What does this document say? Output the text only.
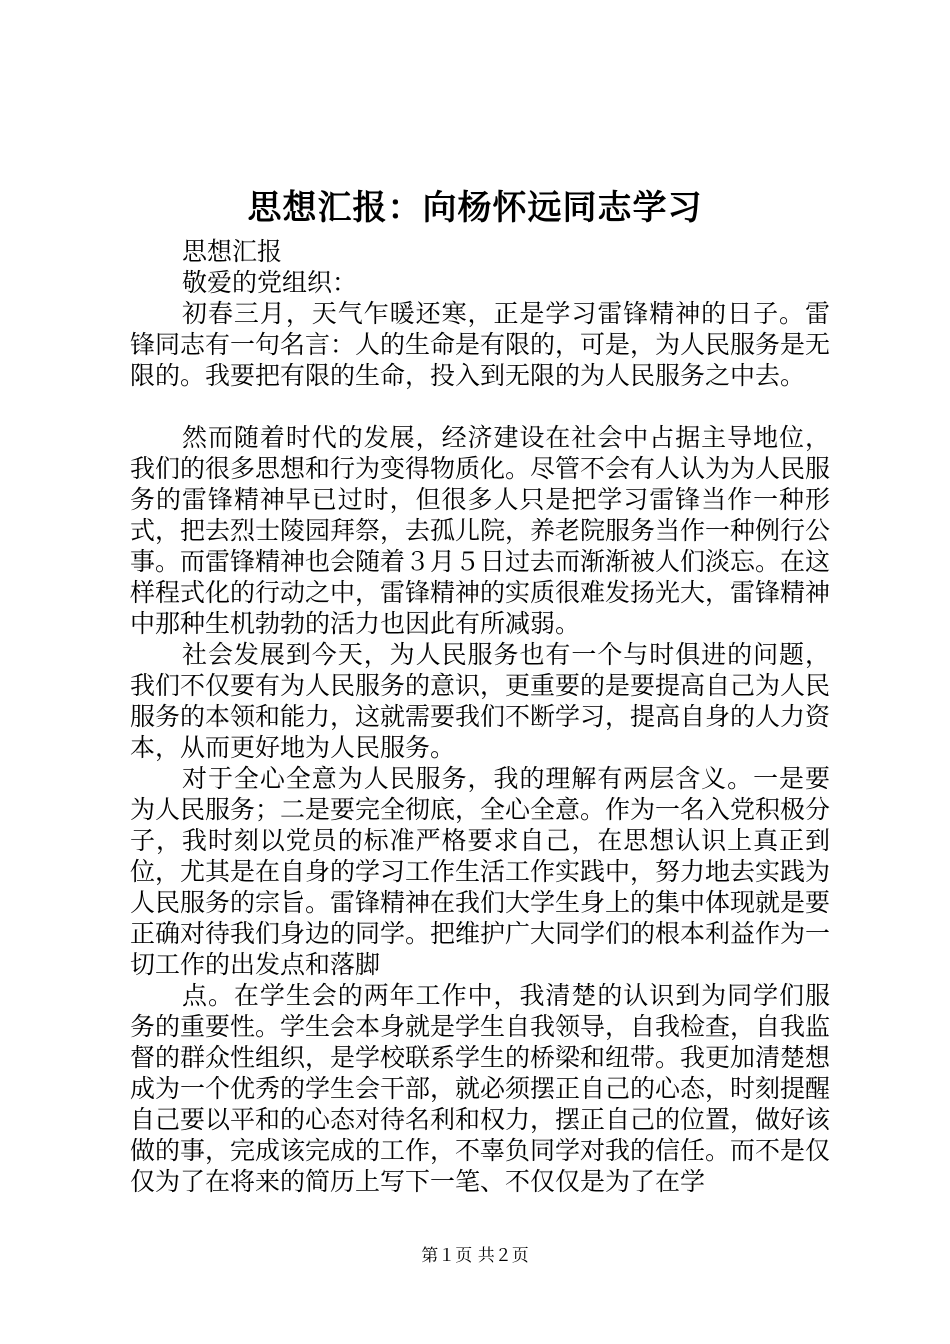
思想汇报：向杨怀远同志学习

思想汇报

敬爱的党组织：

初春三月，天气乍暖还寒，正是学习雷锋精神的日子。雷锋同志有一句名言：人的生命是有限的，可是，为人民服务是无限的。我要把有限的生命，投入到无限的为人民服务之中去。

然而随着时代的发展，经济建设在社会中占据主导地位，我们的很多思想和行为变得物质化。尽管不会有人认为为人民服务的雷锋精神早已过时，但很多人只是把学习雷锋当作一种形式，把去烈士陵园拜祭，去孤儿院，养老院服务当作一种例行公事。而雷锋精神也会随着３月５日过去而渐渐被人们淡忘。在这样程式化的行动之中，雷锋精神的实质很难发扬光大，雷锋精神中那种生机勃勃的活力也因此有所减弱。

社会发展到今天，为人民服务也有一个与时俱进的问题，我们不仅要有为人民服务的意识，更重要的是要提高自己为人民服务的本领和能力，这就需要我们不断学习，提高自身的人力资本，从而更好地为人民服务。

对于全心全意为人民服务，我的理解有两层含义。一是要为人民服务；二是要完全彻底，全心全意。作为一名入党积极分子，我时刻以党员的标准严格要求自己，在思想认识上真正到位，尤其是在自身的学习工作生活工作实践中，努力地去实践为人民服务的宗旨。雷锋精神在我们大学生身上的集中体现就是要正确对待我们身边的同学。把维护广大同学们的根本利益作为一切工作的出发点和落脚

点。在学生会的两年工作中，我清楚的认识到为同学们服务的重要性。学生会本身就是学生自我领导，自我检查，自我监督的群众性组织，是学校联系学生的桥梁和纽带。我更加清楚想成为一个优秀的学生会干部，就必须摆正自己的心态，时刻提醒自己要以平和的心态对待名利和权力，摆正自己的位置，做好该做的事，完成该完成的工作，不辜负同学对我的信任。而不是仅仅为了在将来的简历上写下一笔、不仅仅是为了在学

第１页 共２页
